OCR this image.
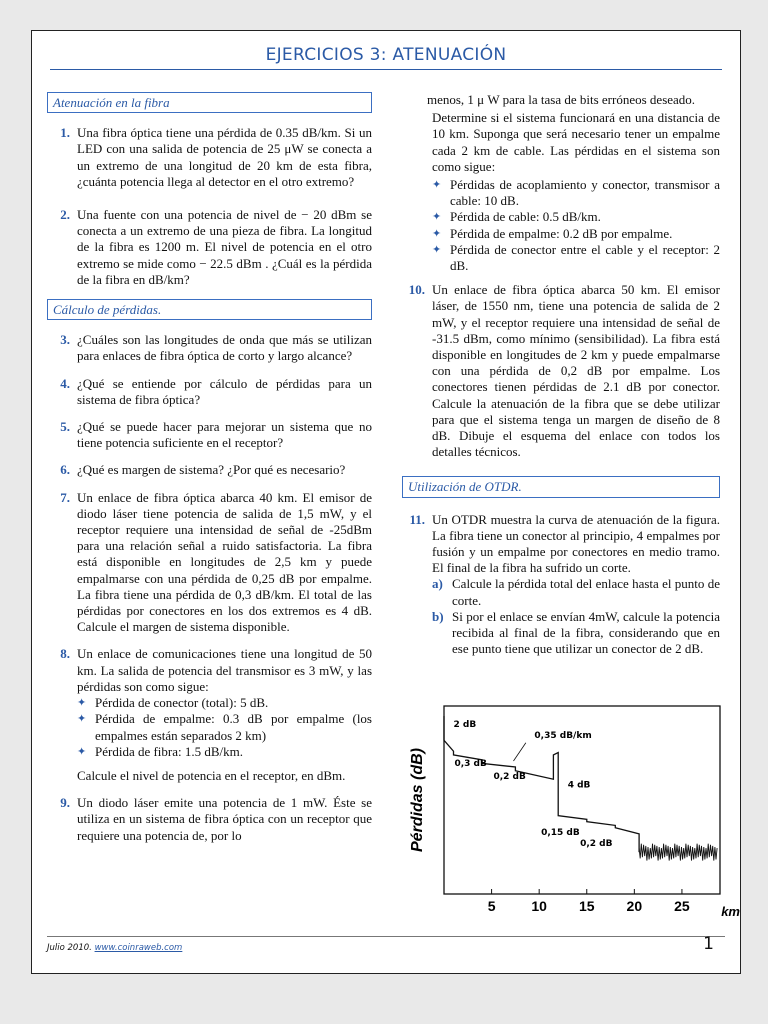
EJERCICIOS 3: ATENUACIÓN
Atenuación en la fibra
1. Una fibra óptica tiene una pérdida de 0.35 dB/km. Si un LED con una salida de potencia de 25 μW se conecta a un extremo de una longitud de 20 km de esta fibra, ¿cuánta potencia llega al detector en el otro extremo?
2. Una fuente con una potencia de nivel de − 20 dBm se conecta a un extremo de una pieza de fibra. La longitud de la fibra es 1200 m. El nivel de potencia en el otro extremo se mide como − 22.5 dBm . ¿Cuál es la pérdida de la fibra en dB/km?
Cálculo de pérdidas.
3. ¿Cuáles son las longitudes de onda que más se utilizan para enlaces de fibra óptica de corto y largo alcance?
4. ¿Qué se entiende por cálculo de pérdidas para un sistema de fibra óptica?
5. ¿Qué se puede hacer para mejorar un sistema que no tiene potencia suficiente en el receptor?
6. ¿Qué es margen de sistema? ¿Por qué es necesario?
7. Un enlace de fibra óptica abarca 40 km. El emisor de diodo láser tiene potencia de salida de 1,5 mW, y el receptor requiere una intensidad de señal de -25dBm para una relación señal a ruido satisfactoria. La fibra está disponible en longitudes de 2,5 km y puede empalmarse con una pérdida de 0,25 dB por empalme. La fibra tiene una pérdida de 0,3 dB/km. El total de las pérdidas por conectores en los dos extremos es 4 dB. Calcule el margen de sistema disponible.
8. Un enlace de comunicaciones tiene una longitud de 50 km. La salida de potencia del transmisor es 3 mW, y las pérdidas son como sigue:
✦ Pérdida de conector (total): 5 dB.
✦ Pérdida de empalme: 0.3 dB por empalme (los empalmes están separados 2 km)
✦ Pérdida de fibra: 1.5 dB/km.
Calcule el nivel de potencia en el receptor, en dBm.
9. Un diodo láser emite una potencia de 1 mW. Éste se utiliza en un sistema de fibra óptica con un receptor que requiere una potencia de, por lo
menos, 1 μ W para la tasa de bits erróneos deseado.
Determine si el sistema funcionará en una distancia de 10 km. Suponga que será necesario tener un empalme cada 2 km de cable. Las pérdidas en el sistema son como sigue:
✦ Pérdidas de acoplamiento y conector, transmisor a cable: 10 dB.
✦ Pérdida de cable: 0.5 dB/km.
✦ Pérdida de empalme: 0.2 dB por empalme.
✦ Pérdida de conector entre el cable y el receptor: 2 dB.
10. Un enlace de fibra óptica abarca 50 km. El emisor láser, de 1550 nm, tiene una potencia de salida de 2 mW, y el receptor requiere una intensidad de señal de -31.5 dBm, como mínimo (sensibilidad). La fibra está disponible en longitudes de 2 km y puede empalmarse con una pérdida de 0,2 dB por empalme. Los conectores tienen pérdidas de 2.1 dB por conector. Calcule la atenuación de la fibra que se debe utilizar para que el sistema tenga un margen de diseño de 8 dB. Dibuje el esquema del enlace con todos los detalles técnicos.
Utilización de OTDR.
11. Un OTDR muestra la curva de atenuación de la figura. La fibra tiene un conector al principio, 4 empalmes por fusión y un empalme por conectores en medio tramo. El final de la fibra ha sufrido un corte.
a) Calcule la pérdida total del enlace hasta el punto de corte.
b) Si por el enlace se envían 4mW, calcule la potencia recibida al final de la fibra, considerando que en ese punto tiene que utilizar un conector de 2 dB.
5	10 15 20 25 km
Pérdidas (dB)
2 dB
0,35 dB/km
0,3 dB
0,2 dB
4 dB
0,15 dB
0,2 dB
Julio 2010. www.coinraweb.com	1
